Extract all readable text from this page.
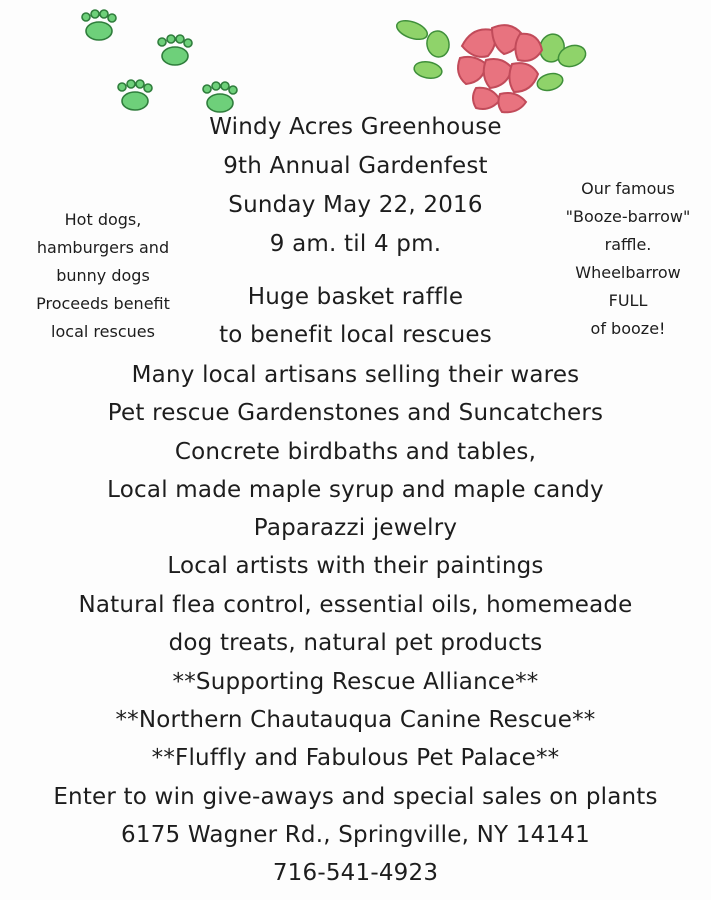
Windy Acres Greenhouse
9th Annual Gardenfest
Sunday May 22, 2016
9 am. til 4 pm.
Hot dogs,
hamburgers and
bunny dogs
Proceeds benefit
local rescues
Our famous
"Booze-barrow"
raffle.
Wheelbarrow
FULL
of booze!
Huge basket raffle
to benefit local rescues
Many local artisans selling their wares
Pet rescue Gardenstones and Suncatchers
Concrete birdbaths and tables,
Local made maple syrup and maple candy
Paparazzi jewelry
Local artists with their paintings
Natural flea control, essential oils, homemeade
dog treats, natural pet products
**Supporting Rescue Alliance**
**Northern Chautauqua Canine Rescue**
**Fluffly and Fabulous Pet Palace**
Enter to win give-aways and special sales on plants
6175 Wagner Rd., Springville, NY 14141
716-541-4923
